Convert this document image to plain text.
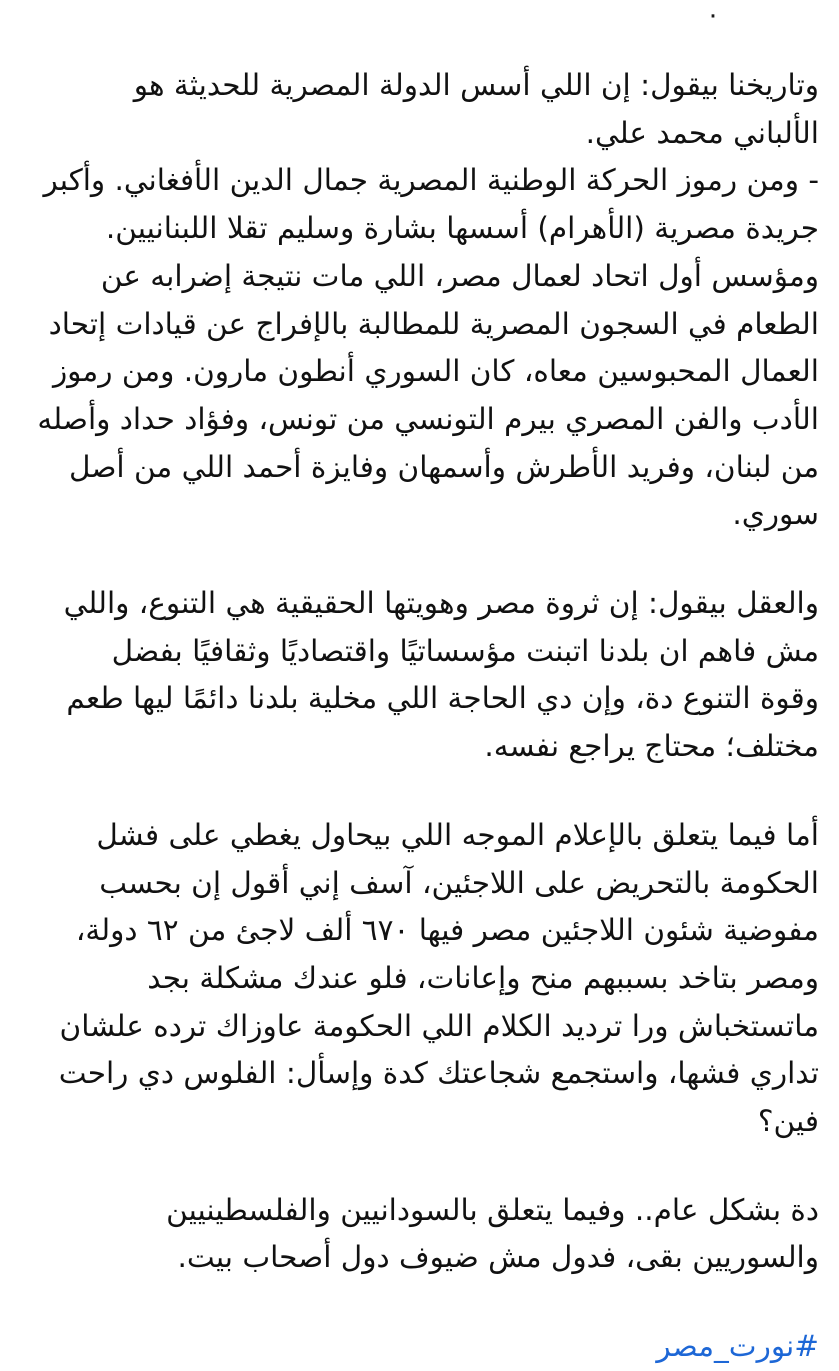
٠

وتاريخنا بيقول: إن اللي أسس الدولة المصرية للحديثة هو
الألباني محمد علي.
- ومن رموز الحركة الوطنية المصرية جمال الدين الأفغاني. وأكبر
جريدة مصرية (الأهرام) أسسها بشارة وسليم تقلا اللبنانيين.
ومؤسس أول اتحاد لعمال مصر، اللي مات نتيجة إضرابه عن
الطعام في السجون المصرية للمطالبة بالإفراج عن قيادات إتحاد
العمال المحبوسين معاه، كان السوري أنطون مارون. ومن رموز
الأدب والفن المصري بيرم التونسي من تونس، وفؤاد حداد وأصله
من لبنان، وفريد الأطرش وأسمهان وفايزة أحمد اللي من أصل
سوري.

والعقل بيقول: إن ثروة مصر وهويتها الحقيقية هي التنوع، واللي
مش فاهم ان بلدنا اتبنت مؤسساتيًا واقتصاديًا وثقافيًا بفضل
وقوة التنوع دة، وإن دي الحاجة اللي مخلية بلدنا دائمًا ليها طعم
مختلف؛ محتاج يراجع نفسه.

أما فيما يتعلق بالإعلام الموجه اللي بيحاول يغطي على فشل
الحكومة بالتحريض على اللاجئين، آسف إني أقول إن بحسب
مفوضية شئون اللاجئين مصر فيها ٦٧٠ ألف لاجئ من ٦٢ دولة،
ومصر بتاخد بسببهم منح وإعانات، فلو عندك مشكلة بجد
ماتستخباش ورا ترديد الكلام اللي الحكومة عاوزاك ترده علشان
تداري فشها، واستجمع شجاعتك كدة وإسأل: الفلوس دي راحت
فين؟

دة بشكل عام.. وفيما يتعلق بالسودانيين والفلسطينيين
والسوريين بقى، فدول مش ضيوف دول أصحاب بيت.

#نورت_مصر
